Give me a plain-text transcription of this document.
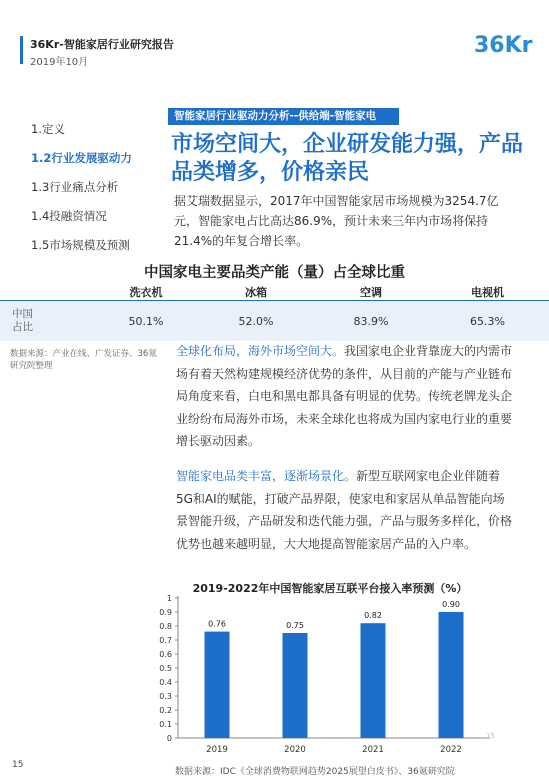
36Kr-智能家居行业研究报告
2019年10月
36Kr
1.定义
1.2行业发展驱动力
1.3行业痛点分析
1.4投融资情况
1.5市场规模及预测
智能家居行业驱动力分析--供给端-智能家电
市场空间大，企业研发能力强，产品品类增多，价格亲民
据艾瑞数据显示，2017年中国智能家居市场规模为3254.7亿元，智能家电占比高达86.9%，预计未来三年内市场将保持21.4%的年复合增长率。
中国家电主要品类产能（量）占全球比重
	洗衣机	冰箱	空调	电视机
中国
占比	50.1%	52.0%	83.9%	65.3%
数据来源：产业在线、广发证券、36氪研究院整理
全球化布局，海外市场空间大。我国家电企业背靠庞大的内需市场有着天然构建规模经济优势的条件，从目前的产能与产业链布局角度来看，白电和黑电都具备有明显的优势。传统老牌龙头企业纷纷布局海外市场，未来全球化也将成为国内家电行业的重要增长驱动因素。
智能家电品类丰富，逐渐场景化。新型互联网家电企业伴随着5G和AI的赋能，打破产品界限，使家电和家居从单品智能向场景智能升级，产品研发和迭代能力强，产品与服务多样化，价格优势也越来越明显，大大地提高智能家居产品的入户率。
2019-2022年中国智能家居互联平台接入率预测（%）
0
0.1
0.2
0.3
0.4
0.5
0.6
0.7
0.8
0.9
1
0.76
2019
0.75
2020
0.82
2021
0.90
2022
数据来源：IDC《全球消费物联网趋势2025展望白皮书》、36氪研究院
15
15
